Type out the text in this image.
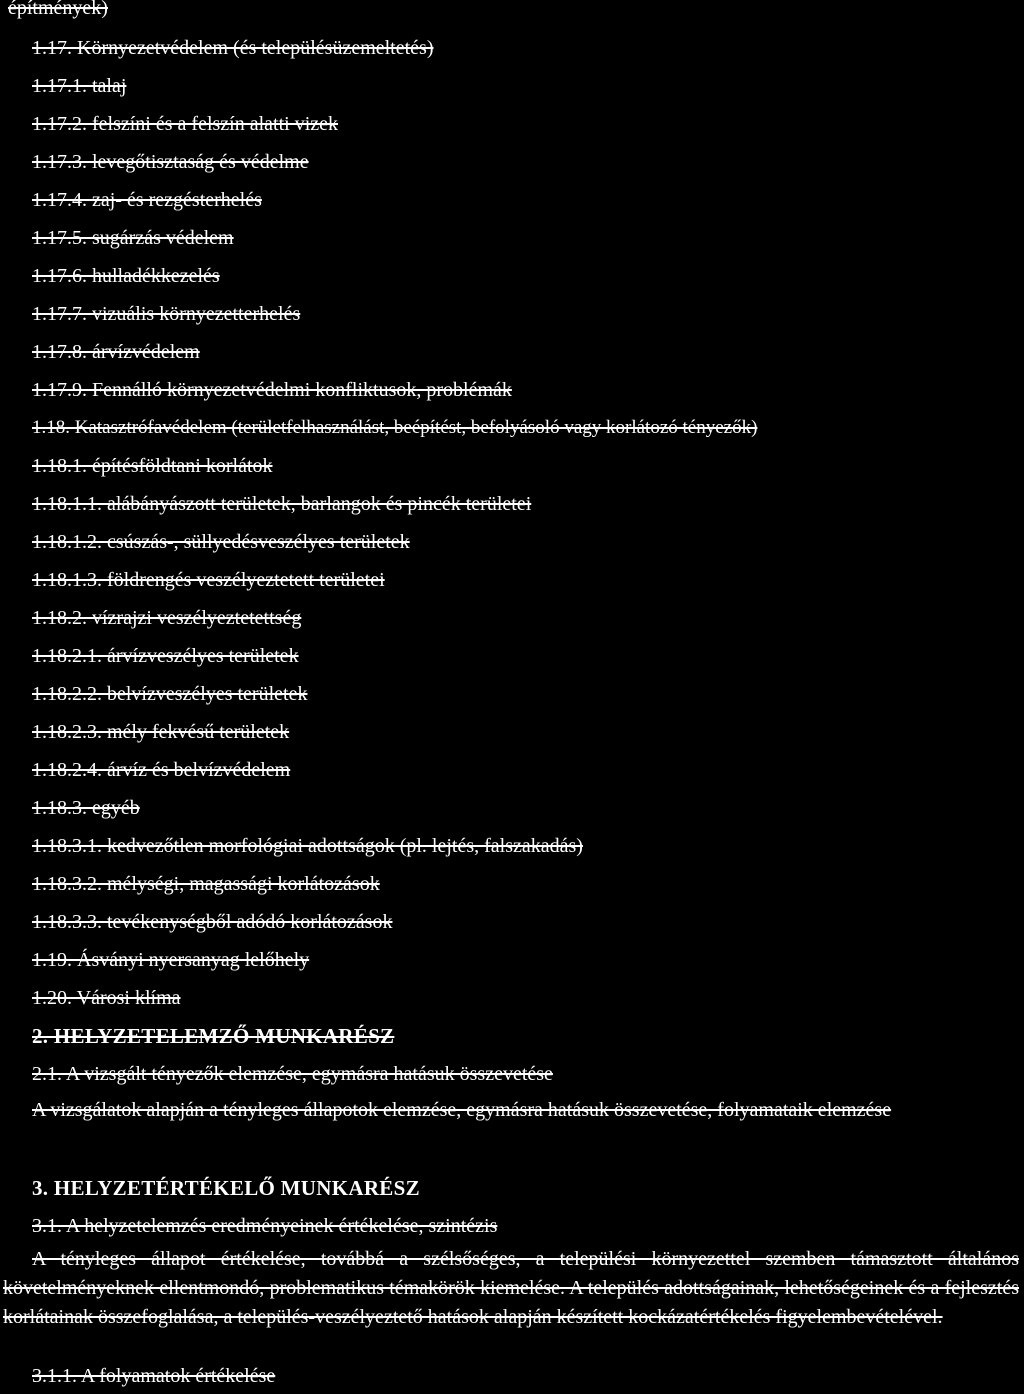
építmények)
1.17. Környezetvédelem (és településüzemeltetés)
1.17.1. talaj
1.17.2. felszíni és a felszín alatti vizek
1.17.3. levegőtisztaság és védelme
1.17.4. zaj- és rezgésterhelés
1.17.5. sugárzás védelem
1.17.6. hulladékkezelés
1.17.7. vizuális környezetterhelés
1.17.8. árvízvédelem
1.17.9. Fennálló környezetvédelmi konfliktusok, problémák
1.18. Katasztrófavédelem (területfelhasználást, beépítést, befolyásoló vagy korlátozó tényezők)
1.18.1. építésföldtani korlátok
1.18.1.1. alábányászott területek, barlangok és pincék területei
1.18.1.2. csúszás-, süllyedésveszélyes területek
1.18.1.3. földrengés veszélyeztetett területei
1.18.2. vízrajzi veszélyeztetettség
1.18.2.1. árvízveszélyes területek
1.18.2.2. belvízveszélyes területek
1.18.2.3. mély fekvésű területek
1.18.2.4. árvíz és belvízvédelem
1.18.3. egyéb
1.18.3.1. kedvezőtlen morfológiai adottságok (pl. lejtés, falszakadás)
1.18.3.2. mélységi, magassági korlátozások
1.18.3.3. tevékenységből adódó korlátozások
1.19. Ásványi nyersanyag lelőhely
1.20. Városi klíma
2. HELYZETELEMZŐ MUNKARÉSZ
2.1. A vizsgált tényezők elemzése, egymásra hatásuk összevetése
A vizsgálatok alapján a tényleges állapotok elemzése, egymásra hatásuk összevetése, folyamataik elemzése
3. HELYZETÉRTÉKELŐ MUNKARÉSZ
3.1. A helyzetelemzés eredményeinek értékelése, szintézis
A tényleges állapot értékelése, továbbá a szélsőséges, a települési környezettel szemben támasztott általános követelményeknek ellentmondó, problematikus témakörök kiemelése. A település adottságainak, lehetőségeinek és a fejlesztés korlátainak összefoglalása, a település-veszélyeztető hatások alapján készített kockázatértékelés figyelembevételével.
3.1.1. A folyamatok értékelése
